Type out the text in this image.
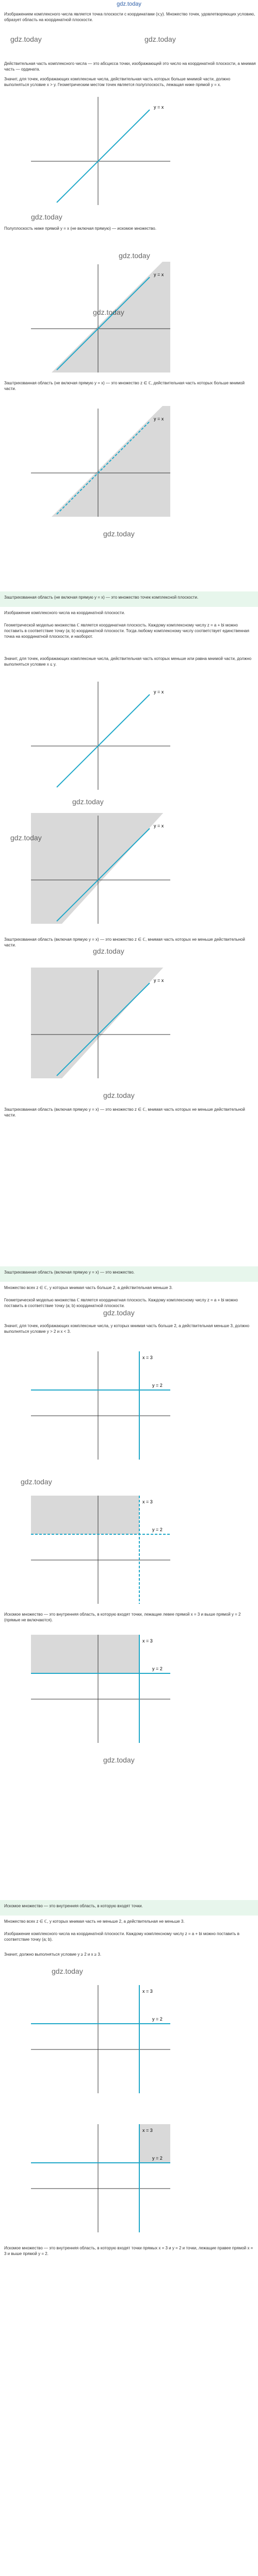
gdz.today
Изображением комплексного числа является точка плоскости с координатами (x;y). Множество точек, удовлетворяющих условию, образует область на координатной плоскости.
gdz.today	gdz.today
Действительная часть комплексного числа — это абсцисса точки, изображающей это число на координатной плоскости, а мнимая часть — ордината.
Значит, для точек, изображающих комплексные числа, действительная часть которых больше мнимой части, должно выполняться условие x > y. Геометрическим местом точек является полуплоскость, лежащая ниже прямой y = x.
y = x
gdz.today
Полуплоскость ниже прямой y = x (не включая прямую) — искомое множество.
gdz.today
y = x
gdz.today
Заштрихованная область (не включая прямую y = x) — это множество z ∈ ℂ, действительная часть которых больше мнимой части.
y = x
gdz.today
Заштрихованная область (не включая прямую y = x) — это множество точек комплексной плоскости.
Изображение комплексного числа на координатной плоскости.
Геометрической моделью множества ℂ является координатная плоскость. Каждому комплексному числу z = a + bi можно поставить в соответствие точку (a; b) координатной плоскости. Тогда любому комплексному числу соответствует единственная точка на координатной плоскости, и наоборот.
Значит, для точек, изображающих комплексные числа, действительная часть которых меньше или равна мнимой части, должно выполняться условие x ≤ y.
y = x
gdz.today
y = x
gdz.today
Заштрихованная область (включая прямую y = x) — это множество z ∈ ℂ, мнимая часть которых не меньше действительной части.
gdz.today
y = x
gdz.today
Заштрихованная область (включая прямую y = x) — это множество z ∈ ℂ, мнимая часть которых не меньше действительной части.
Заштрихованная область (включая прямую y = x) — это множество.
Множество всех z ∈ ℂ, у которых мнимая часть больше 2, а действительная меньше 3.
Геометрической моделью множества ℂ является координатная плоскость. Каждому комплексному числу z = a + bi можно поставить в соответствие точку (a; b) координатной плоскости.
gdz.today
Значит, для точек, изображающих комплексные числа, у которых мнимая часть больше 2, а действительная меньше 3, должно выполняться условие y > 2 и x < 3.
x = 3
y = 2
gdz.today
x = 3
y = 2
Искомое множество — это внутренняя область, в которую входят точки, лежащие левее прямой x = 3 и выше прямой y = 2 (прямые не включаются).
x = 3
y = 2
gdz.today
Искомое множество — это внутренняя область, в которую входят точки.
Множество всех z ∈ ℂ, у которых мнимая часть не меньше 2, а действительная не меньше 3.
Изображение комплексного числа на координатной плоскости. Каждому комплексному числу z = a + bi можно поставить в соответствие точку (a; b).
Значит, должно выполняться условие y ≥ 2 и x ≥ 3.
gdz.today
x = 3
y = 2
x = 3
y = 2
Искомое множество — это внутренняя область, в которую входят точки прямых x = 3 и y = 2 и точки, лежащие правее прямой x = 3 и выше прямой y = 2.
